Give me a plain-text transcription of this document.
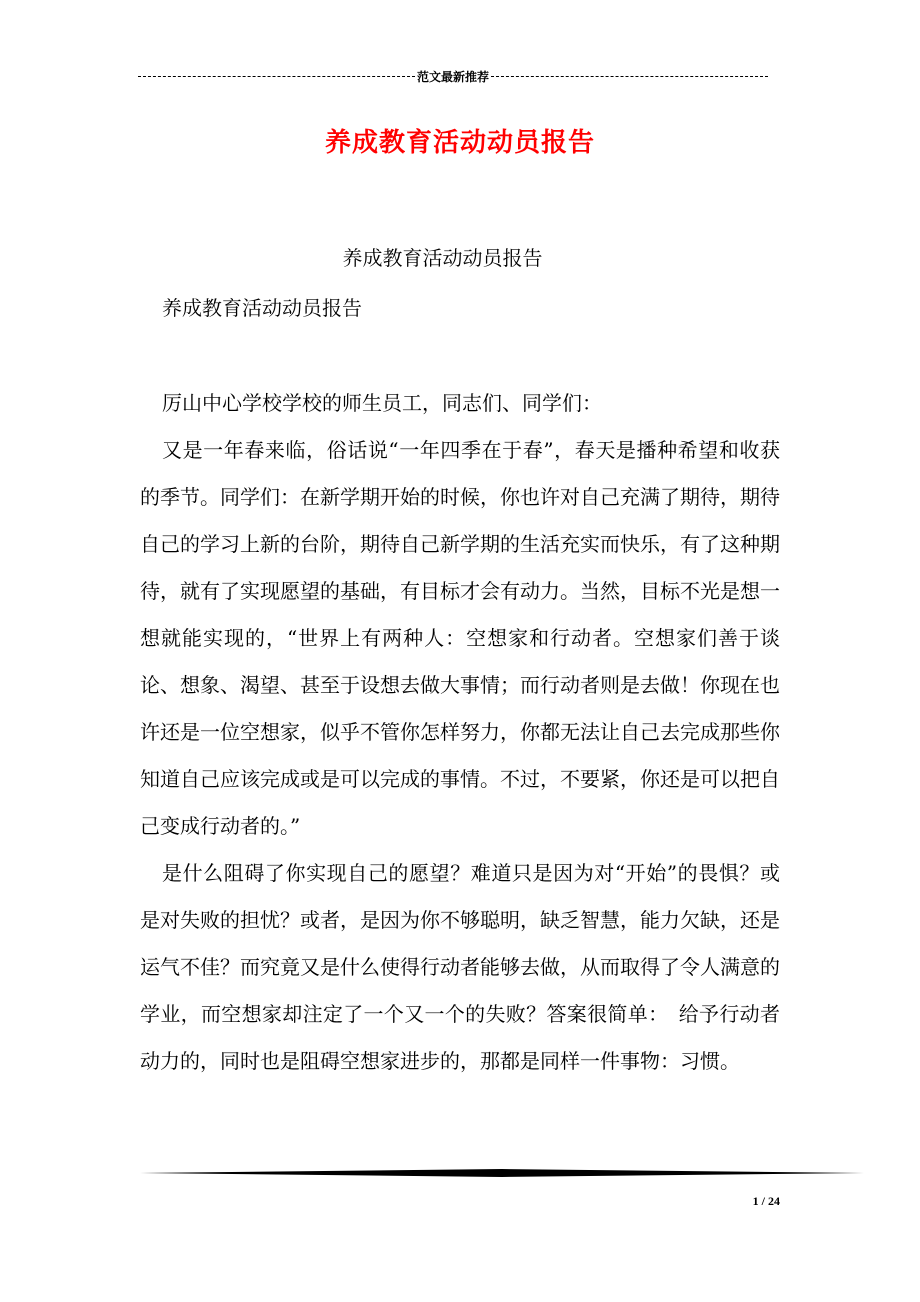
范文最新推荐
养成教育活动动员报告
养成教育活动动员报告
养成教育活动动员报告

厉山中心学校学校的师生员工，同志们、同学们：

又是一年春来临，俗话说“一年四季在于春”，春天是播种希望和收获的季节。同学们：在新学期开始的时候，你也许对自己充满了期待，期待自己的学习上新的台阶，期待自己新学期的生活充实而快乐，有了这种期待，就有了实现愿望的基础，有目标才会有动力。当然，目标不光是想一想就能实现的，“世界上有两种人：空想家和行动者。空想家们善于谈论、想象、渴望、甚至于设想去做大事情；而行动者则是去做！你现在也许还是一位空想家，似乎不管你怎样努力，你都无法让自己去完成那些你知道自己应该完成或是可以完成的事情。不过，不要紧，你还是可以把自己变成行动者的。”

是什么阻碍了你实现自己的愿望？难道只是因为对“开始”的畏惧？或是对失败的担忧？或者，是因为你不够聪明，缺乏智慧，能力欠缺，还是运气不佳？而究竟又是什么使得行动者能够去做，从而取得了令人满意的学业，而空想家却注定了一个又一个的失败？答案很简单：　给予行动者动力的，同时也是阻碍空想家进步的，那都是同样一件事物：习惯。

1 / 24
